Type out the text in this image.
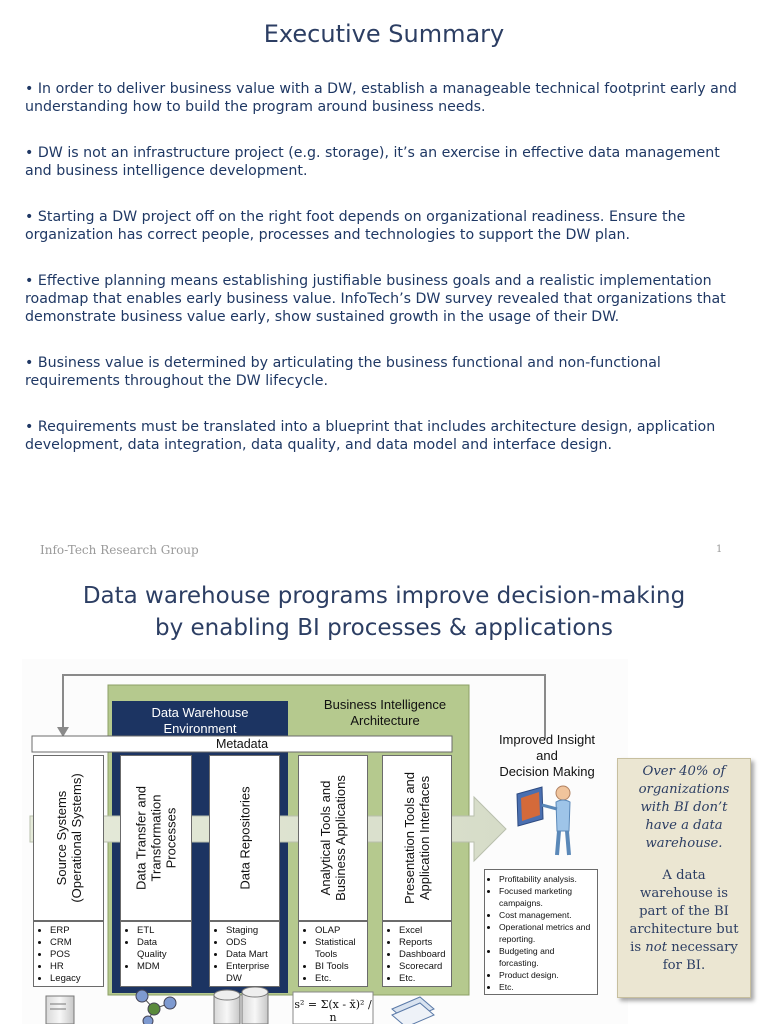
Executive Summary

• In order to deliver business value with a DW, establish a manageable technical footprint early and understanding how to build the program around business needs.

• DW is not an infrastructure project (e.g. storage), it’s an exercise in effective data management and business intelligence development.

• Starting a DW project off on the right foot depends on organizational readiness. Ensure the organization has correct people, processes and technologies to support the DW plan.

• Effective planning means establishing justifiable business goals and a realistic implementation roadmap that enables early business value. InfoTech’s DW survey revealed that organizations that demonstrate business value early, show sustained growth in the usage of their DW.

• Business value is determined by articulating the business functional and non-functional requirements throughout the DW lifecycle.

• Requirements must be translated into a blueprint that includes architecture design, application development, data integration, data quality, and data model and interface design.

Info-Tech Research Group	1
Data warehouse programs improve decision-making
by enabling BI processes & applications
Business Intelligence
Architecture
Data Warehouse
Environment
Metadata	Improved Insight
and
Decision Making
Source Systems (Operational Systems)	Data Transfer and Transformation Processes	Data Repositories	Analytical Tools and Business Applications	Presentation Tools and Application Interfaces
• ERP
• CRM
• POS
• HR
• Legacy
• ETL
• Data Quality
• MDM
• Staging
• ODS
• Data Mart
• Enterprise DW
• OLAP
• Statistical Tools
• BI Tools
• Etc.
• Excel
• Reports
• Dashboard
• Scorecard
• Etc.
• Profitability analysis.
• Focused marketing campaigns.
• Cost management.
• Operational metrics and reporting.
• Budgeting and forcasting.
• Product design.
• Etc.
s² = Σ(x - x̄)² / n

Over 40% of organizations with BI don’t have a data warehouse.

A data warehouse is part of the BI architecture but is not necessary for BI.
